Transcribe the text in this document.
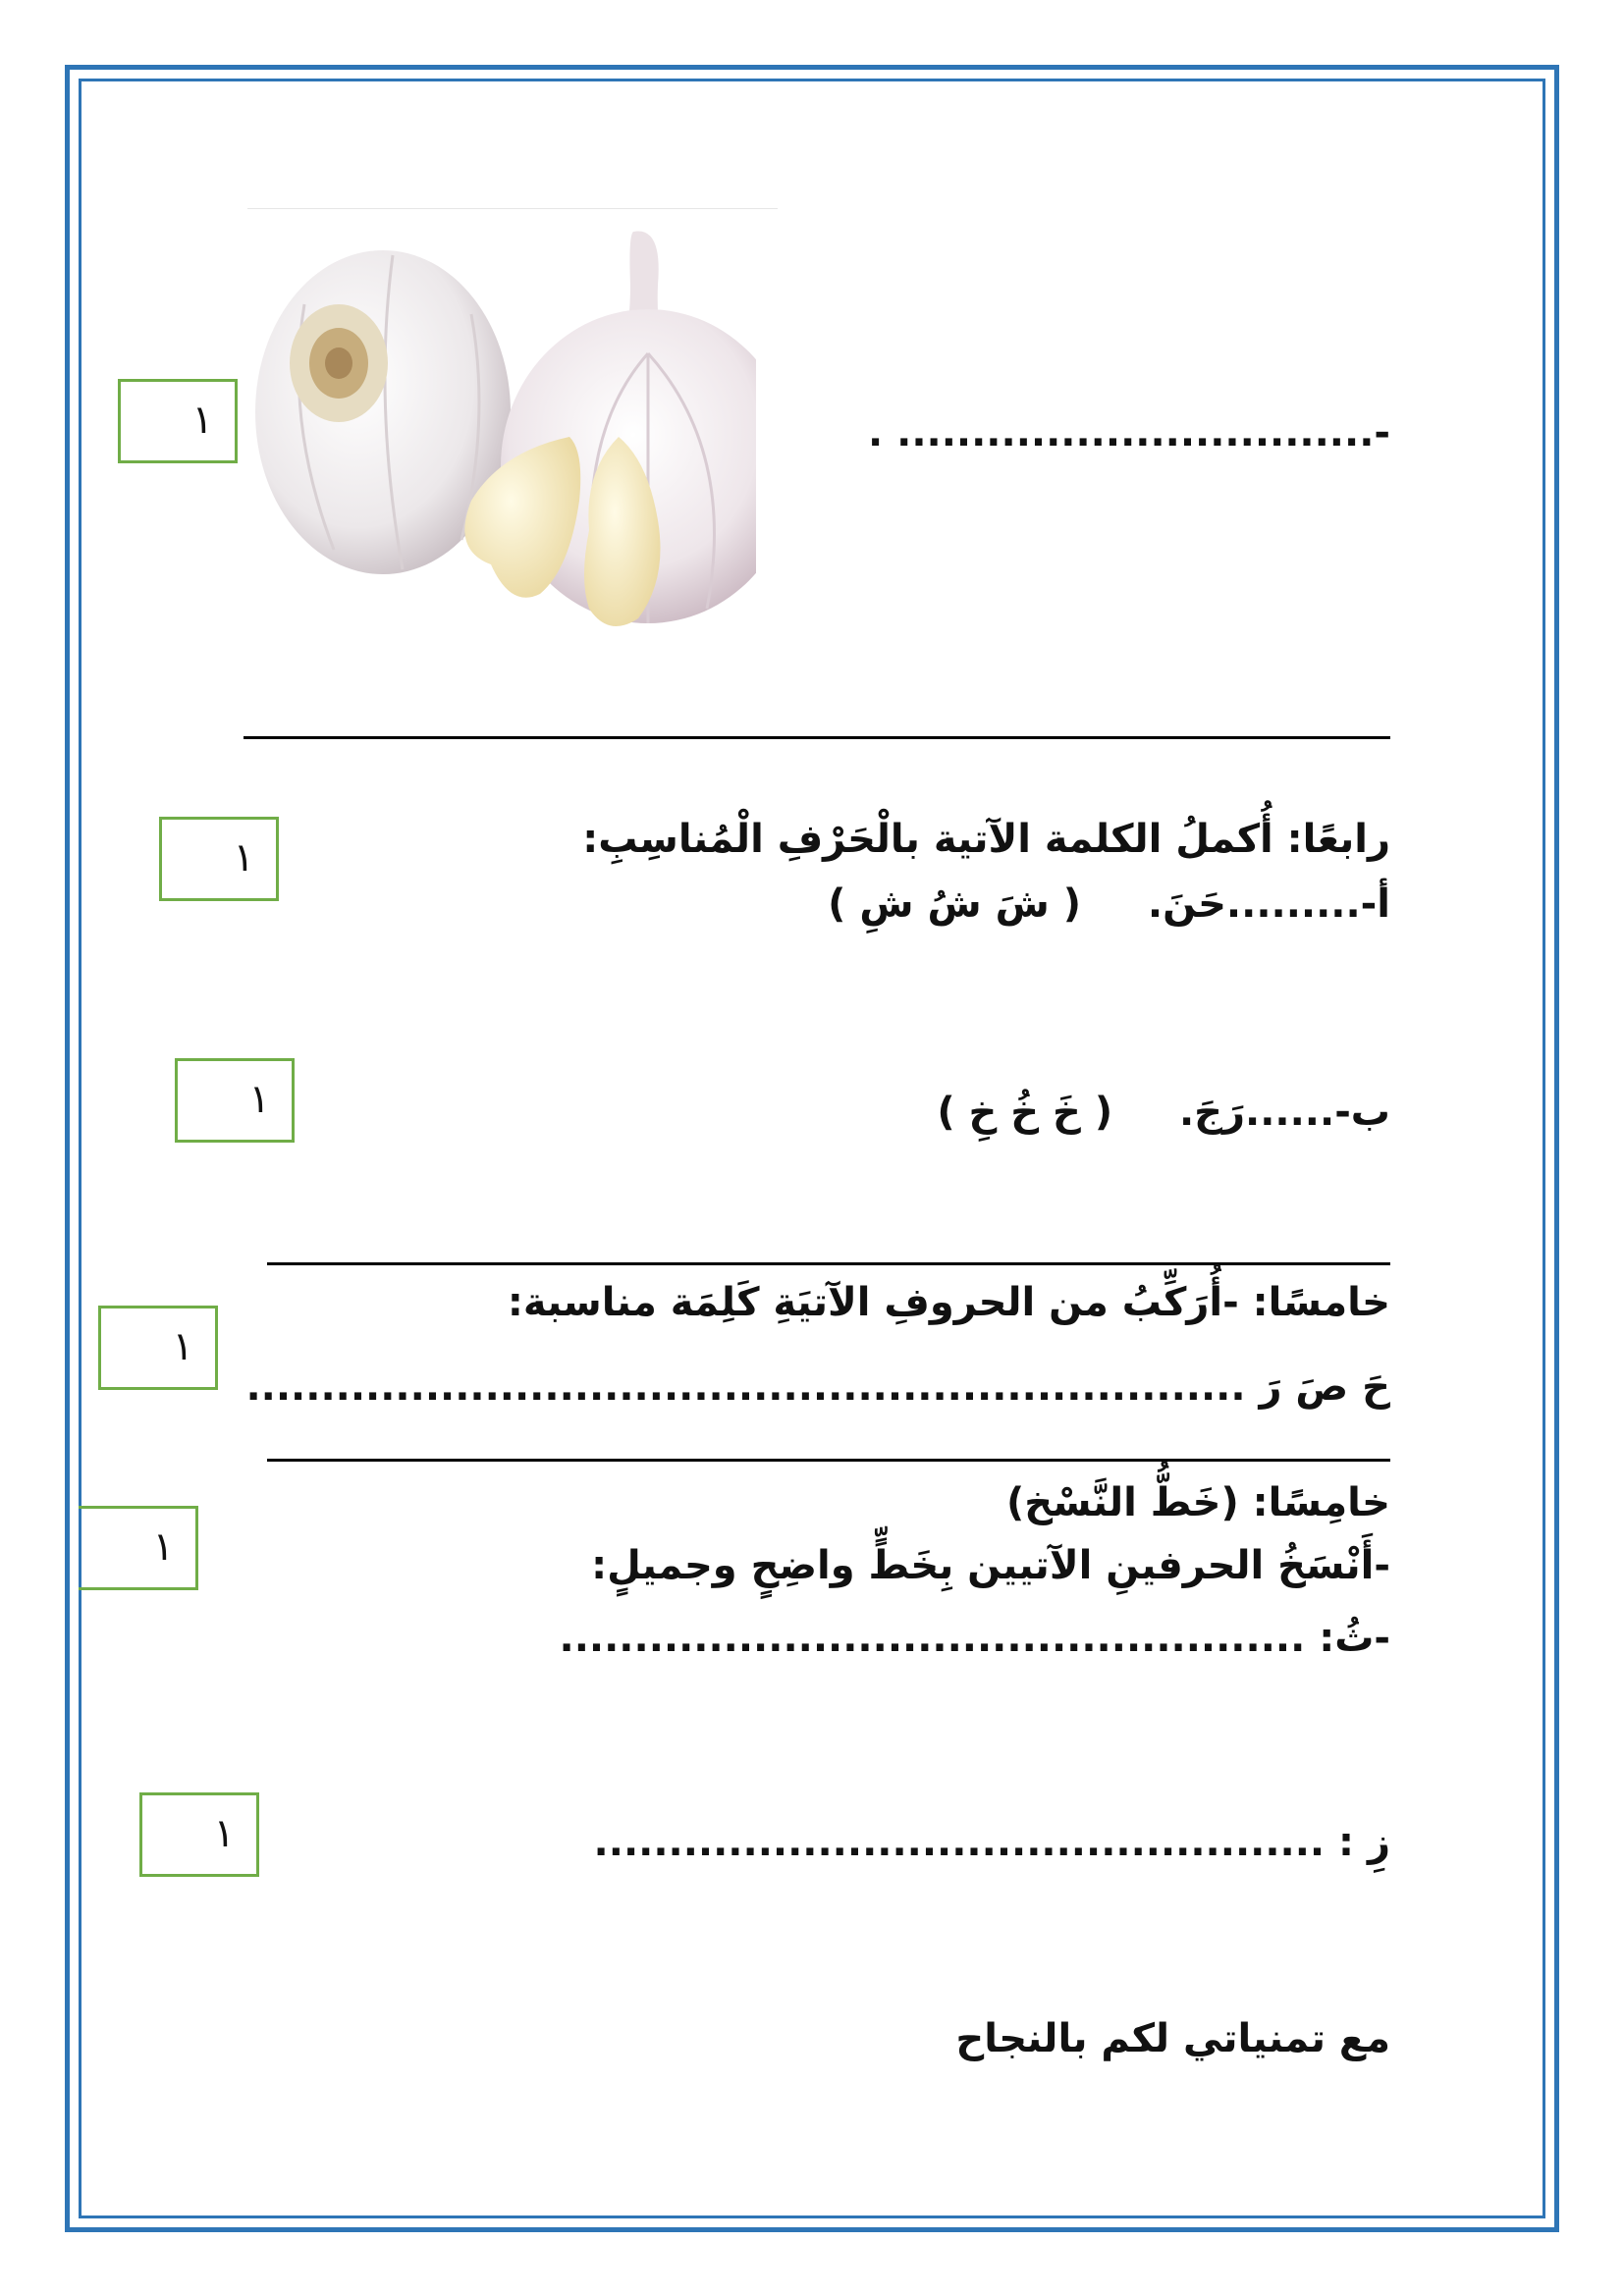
-................................ .
١
رابعًا: أُكملُ الكلمة الآتية بالْحَرْفِ الْمُناسِبِ:
١
أ-.........حَنَ.  ( شَ شُ شِ )
ب-......رَجَ.  ( خَ خُ خِ )
١
خامسًا: -أُرَكِّبُ من الحروفِ الآتيَةِ كَلِمَة مناسبة:
١
حَ صَ رَ ...................................................................
خامِسًا: (خَطُّ النَّسْخ)
١	-أَنْسَخُ الحرفينِ الآتيين بِخَطٍّ واضِحٍ وجميلٍ:
-ثُ: ..................................................
زِ : .................................................
١
مع تمنياتي لكم بالنجاح
